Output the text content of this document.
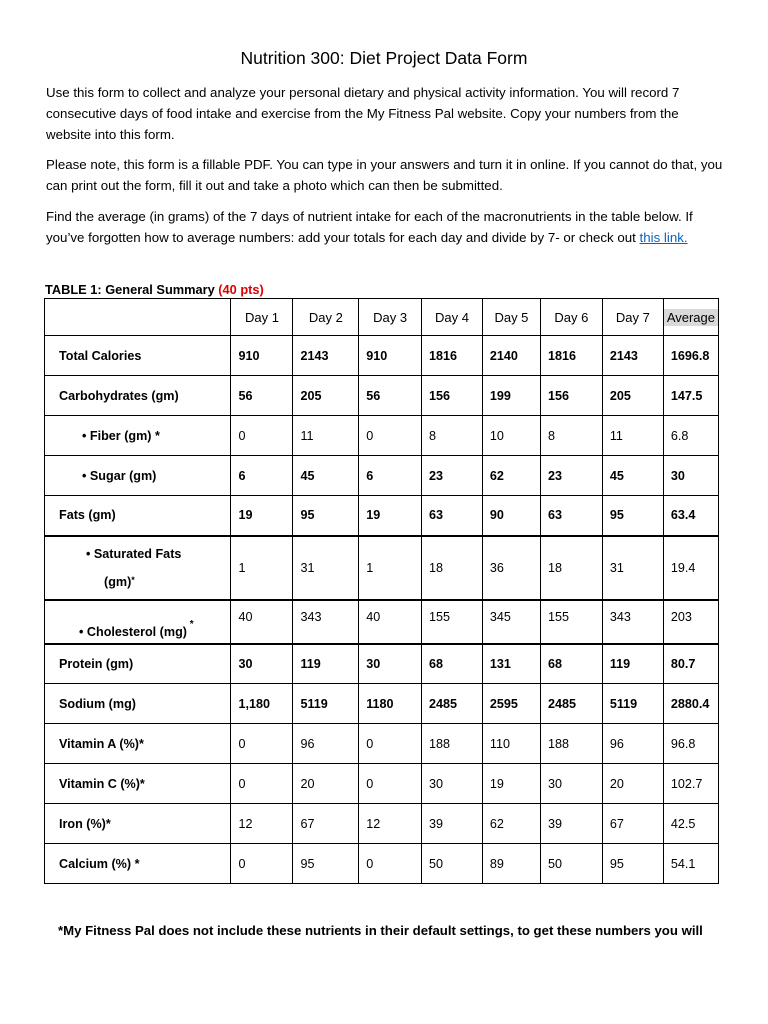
Nutrition 300: Diet Project Data Form
Use this form to collect and analyze your personal dietary and physical activity information. You will record 7 consecutive days of food intake and exercise from the My Fitness Pal website. Copy your numbers from the website into this form.
Please note, this form is a fillable PDF. You can type in your answers and turn it in online. If you cannot do that, you can print out the form, fill it out and take a photo which can then be submitted.
Find the average (in grams) of the 7 days of nutrient intake for each of the macronutrients in the table below. If you’ve forgotten how to average numbers: add your totals for each day and divide by 7- or check out this link.
TABLE 1: General Summary (40 pts)
	Day 1	Day 2	Day 3	Day 4	Day 5	Day 6	Day 7	Average
Total Calories	910	2143	910	1816	2140	1816	2143	1696.8
Carbohydrates (gm)	56	205	56	156	199	156	205	147.5
• Fiber (gm) *	0	11	0	8	10	8	11	6.8
• Sugar (gm)	6	45	6	23	62	23	45	30
Fats (gm)	19	95	19	63	90	63	95	63.4
• Saturated Fats
(gm)*	1	31	1	18	36	18	31	19.4
• Cholesterol (mg) *	40	343	40	155	345	155	343	203
Protein (gm)	30	119	30	68	131	68	119	80.7
Sodium (mg)	1,180	5119	1180	2485	2595	2485	5119	2880.4
Vitamin A (%)*	0	96	0	188	110	188	96	96.8
Vitamin C (%)*	0	20	0	30	19	30	20	102.7
Iron (%)*	12	67	12	39	62	39	67	42.5
Calcium (%) *	0	95	0	50	89	50	95	54.1
*My Fitness Pal does not include these nutrients in their default settings, to get these numbers you will
